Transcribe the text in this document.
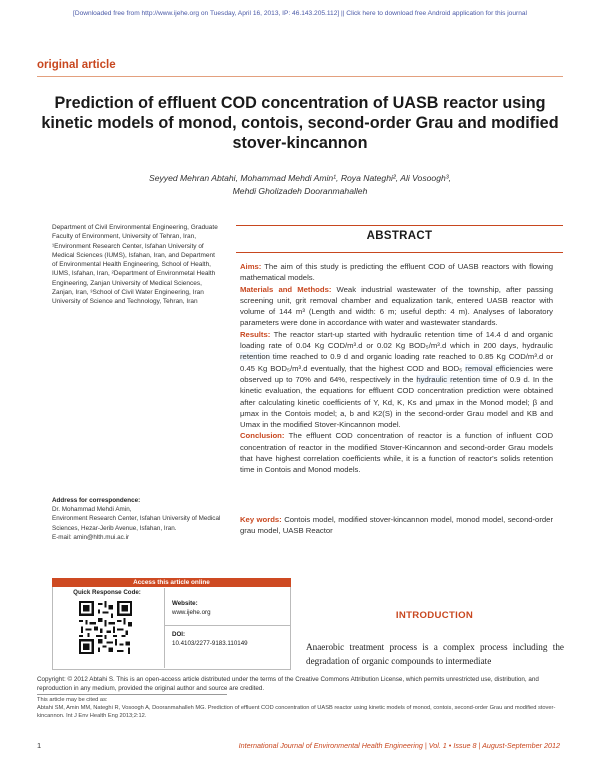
[Downloaded free from http://www.ijehe.org on Tuesday, April 16, 2013, IP: 46.143.205.112] || Click here to download free Android application for this journal
original article
Prediction of effluent COD concentration of UASB reactor using kinetic models of monod, contois, second-order Grau and modified stover-kincannon
Seyyed Mehran Abtahi, Mohammad Mehdi Amin¹, Roya Nateghi², Ali Vosoogh³,
Mehdi Gholizadeh Dooranmahalleh
Department of Civil Environmental Engineering, Graduate Faculty of Environment, University of Tehran, Iran, ¹Environment Research Center, Isfahan University of Medical Sciences (IUMS), Isfahan, Iran, and Department of Environmental Health Engineering, School of Health, IUMS, Isfahan, Iran, ²Department of Environmetal Health Engineering, Zanjan University of Medical Sciences, Zanjan, Iran, ³School of Civil Water Engineering, Iran University of Science and Technology, Tehran, Iran
Address for correspondence:
Dr. Mohammad Mehdi Amin,
Environment Research Center, Isfahan University of Medical Sciences, Hezar-Jerib Avenue, Isfahan, Iran.
E-mail: amin@hlth.mui.ac.ir
ABSTRACT

Aims: The aim of this study is predicting the effluent COD of UASB reactors with flowing mathematical models.

Materials and Methods: Weak industrial wastewater of the township, after passing screening unit, grit removal chamber and equalization tank, entered UASB reactor with volume of 144 m³ (Length and width: 6 m; useful depth: 4 m). Analyses of laboratory parameters were done in accordance with water and wastewater standards.

Results: The reactor start-up started with hydraulic retention time of 14.4 d and organic loading rate of 0.04 Kg COD/m³.d or 0.02 Kg BOD₅/m³.d which in 200 days, hydraulic retention time reached to 0.9 d and organic loading rate reached to 0.85 Kg COD/m³.d or 0.45 Kg BOD₅/m³.d eventually, that the highest COD and BOD₅ removal efficiencies were observed up to 70% and 64%, respectively in the hydraulic retention time of 0.9 d. In the kinetic evaluation, the equations for effluent COD concentration prediction were obtained after calculating kinetic coefficients of Y, Kd, K, Ks and μmax in the Monod model; β and μmax in the Contois model; a, b and K2(S) in the second-order Grau model and KB and Umax in the modified Stover-Kincannon model.

Conclusion: The effluent COD concentration of reactor is a function of influent COD concentration of reactor in the modified Stover-Kincannon and second-order Grau models that have highest correlation coefficients while, it is a function of reactor's solids retention time in Contois and Monod models.

Key words: Contois model, modified stover-kincannon model, monod model, second-order grau model, UASB Reactor
Access this article online
Quick Response Code:
Website:
www.ijehe.org
DOI:
10.4103/2277-9183.110149
INTRODUCTION
Anaerobic treatment process is a complex process including the degradation of organic compounds to intermediate
Copyright: © 2012 Abtahi S. This is an open-access article distributed under the terms of the Creative Commons Attribution License, which permits unrestricted use, distribution, and reproduction in any medium, provided the original author and source are credited.
This article may be cited as:
Abtahi SM, Amin MM, Nateghi R, Vosoogh A, Dooranmahalleh MG. Prediction of effluent COD concentration of UASB reactor using kinetic models of monod, contois, second-order Grau and modified stover-kincannon. Int J Env Health Eng 2013;2:12.
1	International Journal of Environmental Health Engineering | Vol. 1 • Issue 8 | August-September 2012
